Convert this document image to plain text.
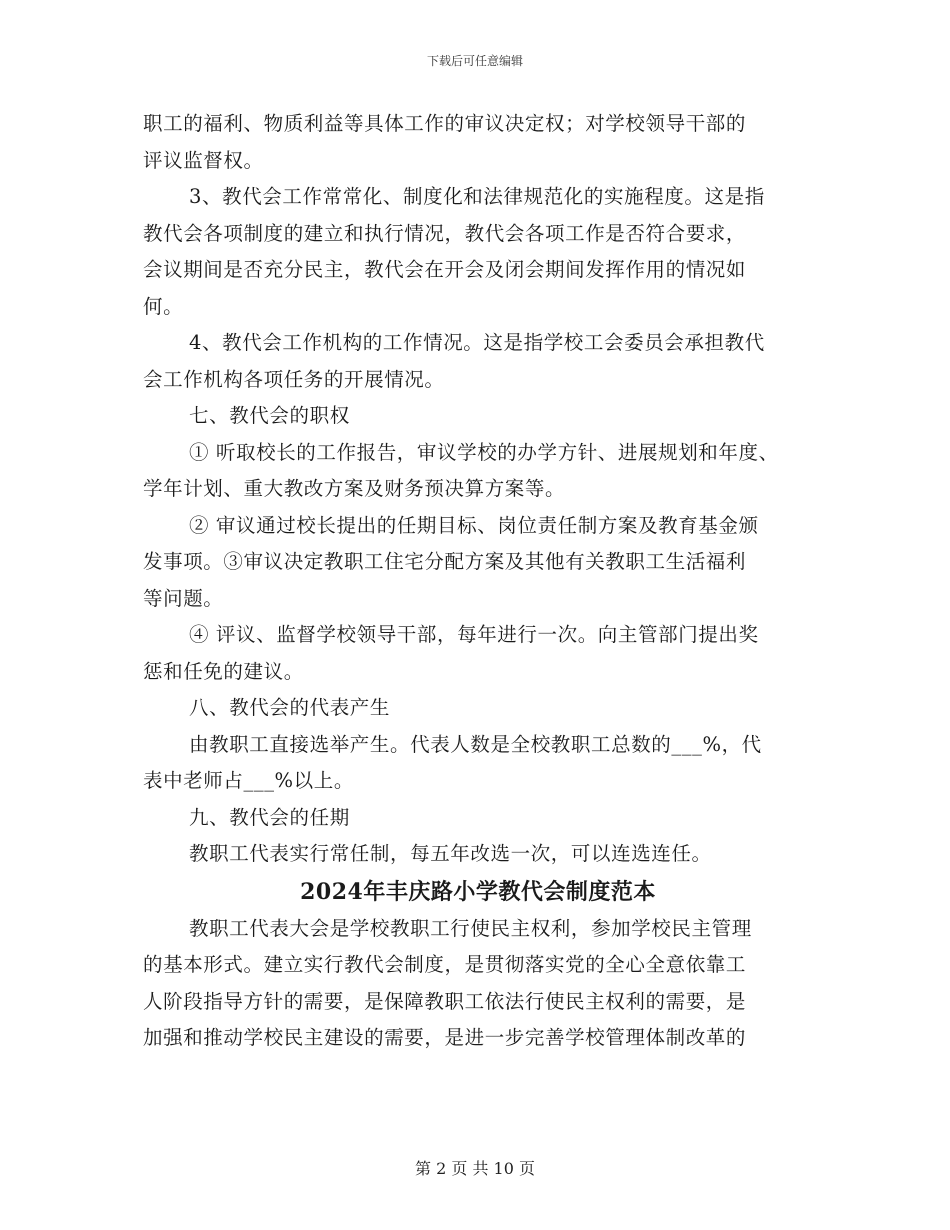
下载后可任意编辑
职工的福利、物质利益等具体工作的审议决定权；对学校领导干部的
评议监督权。
3、教代会工作常常化、制度化和法律规范化的实施程度。这是指
教代会各项制度的建立和执行情况，教代会各项工作是否符合要求，
会议期间是否充分民主，教代会在开会及闭会期间发挥作用的情况如
何。
4、教代会工作机构的工作情况。这是指学校工会委员会承担教代
会工作机构各项任务的开展情况。
七、教代会的职权
① 听取校长的工作报告，审议学校的办学方针、进展规划和年度、
学年计划、重大教改方案及财务预决算方案等。
② 审议通过校长提出的任期目标、岗位责任制方案及教育基金颁
发事项。③审议决定教职工住宅分配方案及其他有关教职工生活福利
等问题。
④ 评议、监督学校领导干部，每年进行一次。向主管部门提出奖
惩和任免的建议。
八、教代会的代表产生
由教职工直接选举产生。代表人数是全校教职工总数的___%，代
表中老师占___%以上。
九、教代会的任期
教职工代表实行常任制，每五年改选一次，可以连选连任。
2024年丰庆路小学教代会制度范本
教职工代表大会是学校教职工行使民主权利，参加学校民主管理
的基本形式。建立实行教代会制度，是贯彻落实党的全心全意依靠工
人阶段指导方针的需要，是保障教职工依法行使民主权利的需要，是
加强和推动学校民主建设的需要，是进一步完善学校管理体制改革的
第 2 页 共 10 页
